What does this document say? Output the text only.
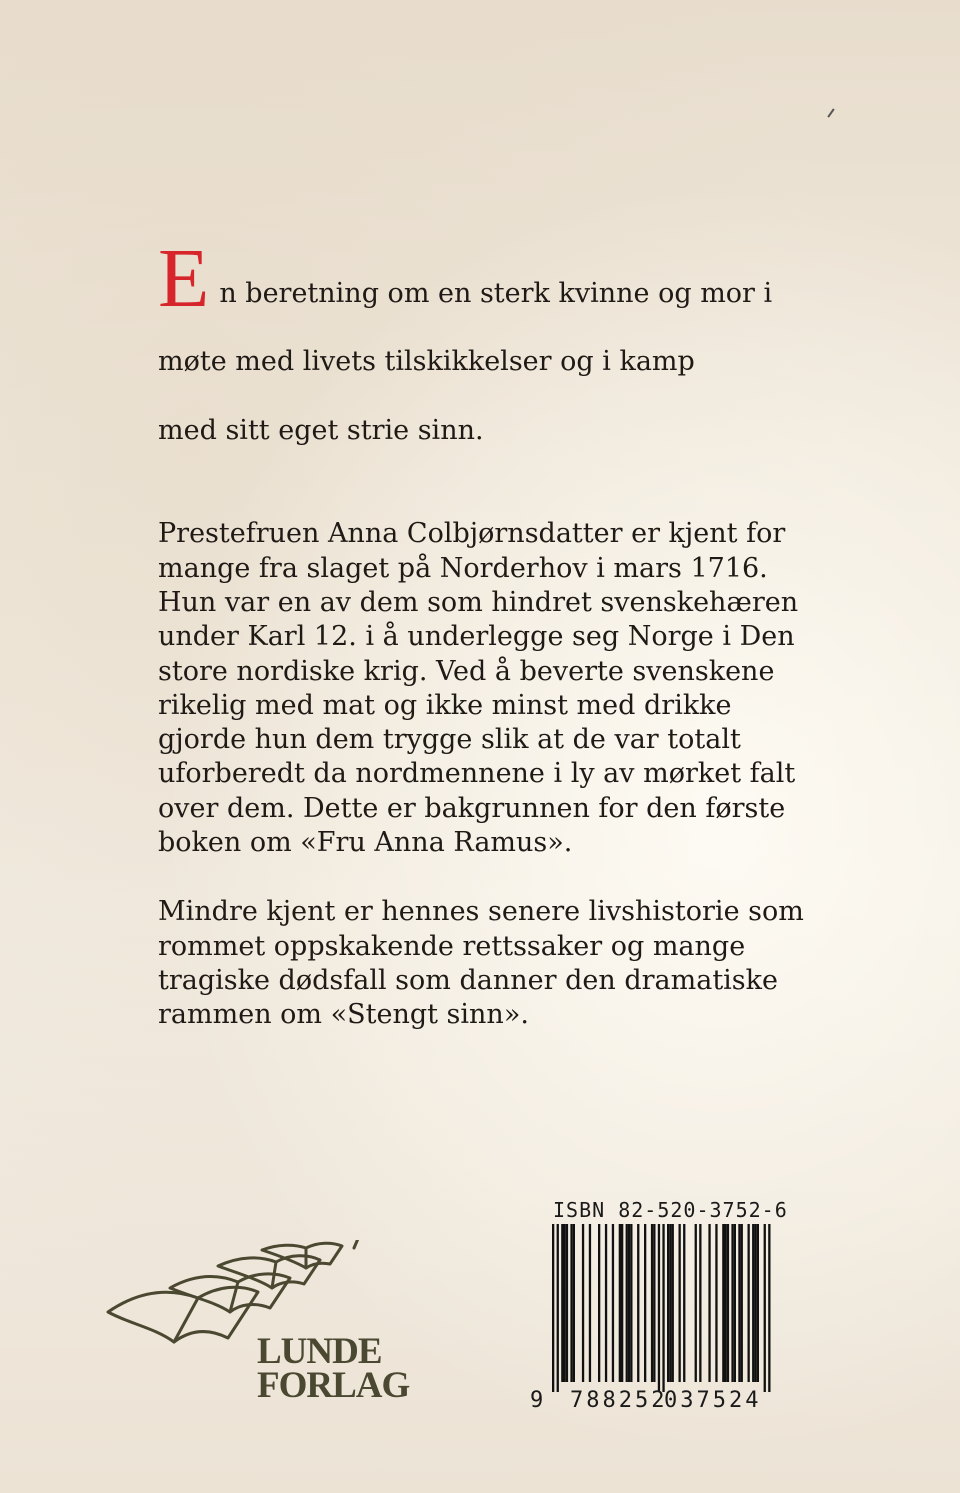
E n beretning om en sterk kvinne og mor i

møte med livets tilskikkelser og i kamp

med sitt eget strie sinn.

Prestefruen Anna Colbjørnsdatter er kjent for
mange fra slaget på Norderhov i mars 1716.
Hun var en av dem som hindret svenskehæren
under Karl 12. i å underlegge seg Norge i Den
store nordiske krig. Ved å beverte svenskene
rikelig med mat og ikke minst med drikke
gjorde hun dem trygge slik at de var totalt
uforberedt da nordmennene i ly av mørket falt
over dem. Dette er bakgrunnen for den første
boken om «Fru Anna Ramus».

Mindre kjent er hennes senere livshistorie som
rommet oppskakende rettssaker og mange
tragiske dødsfall som danner den dramatiske
rammen om «Stengt sinn».

LUNDE
FORLAG
ISBN 82-520-3752-6
9 788252
037524
